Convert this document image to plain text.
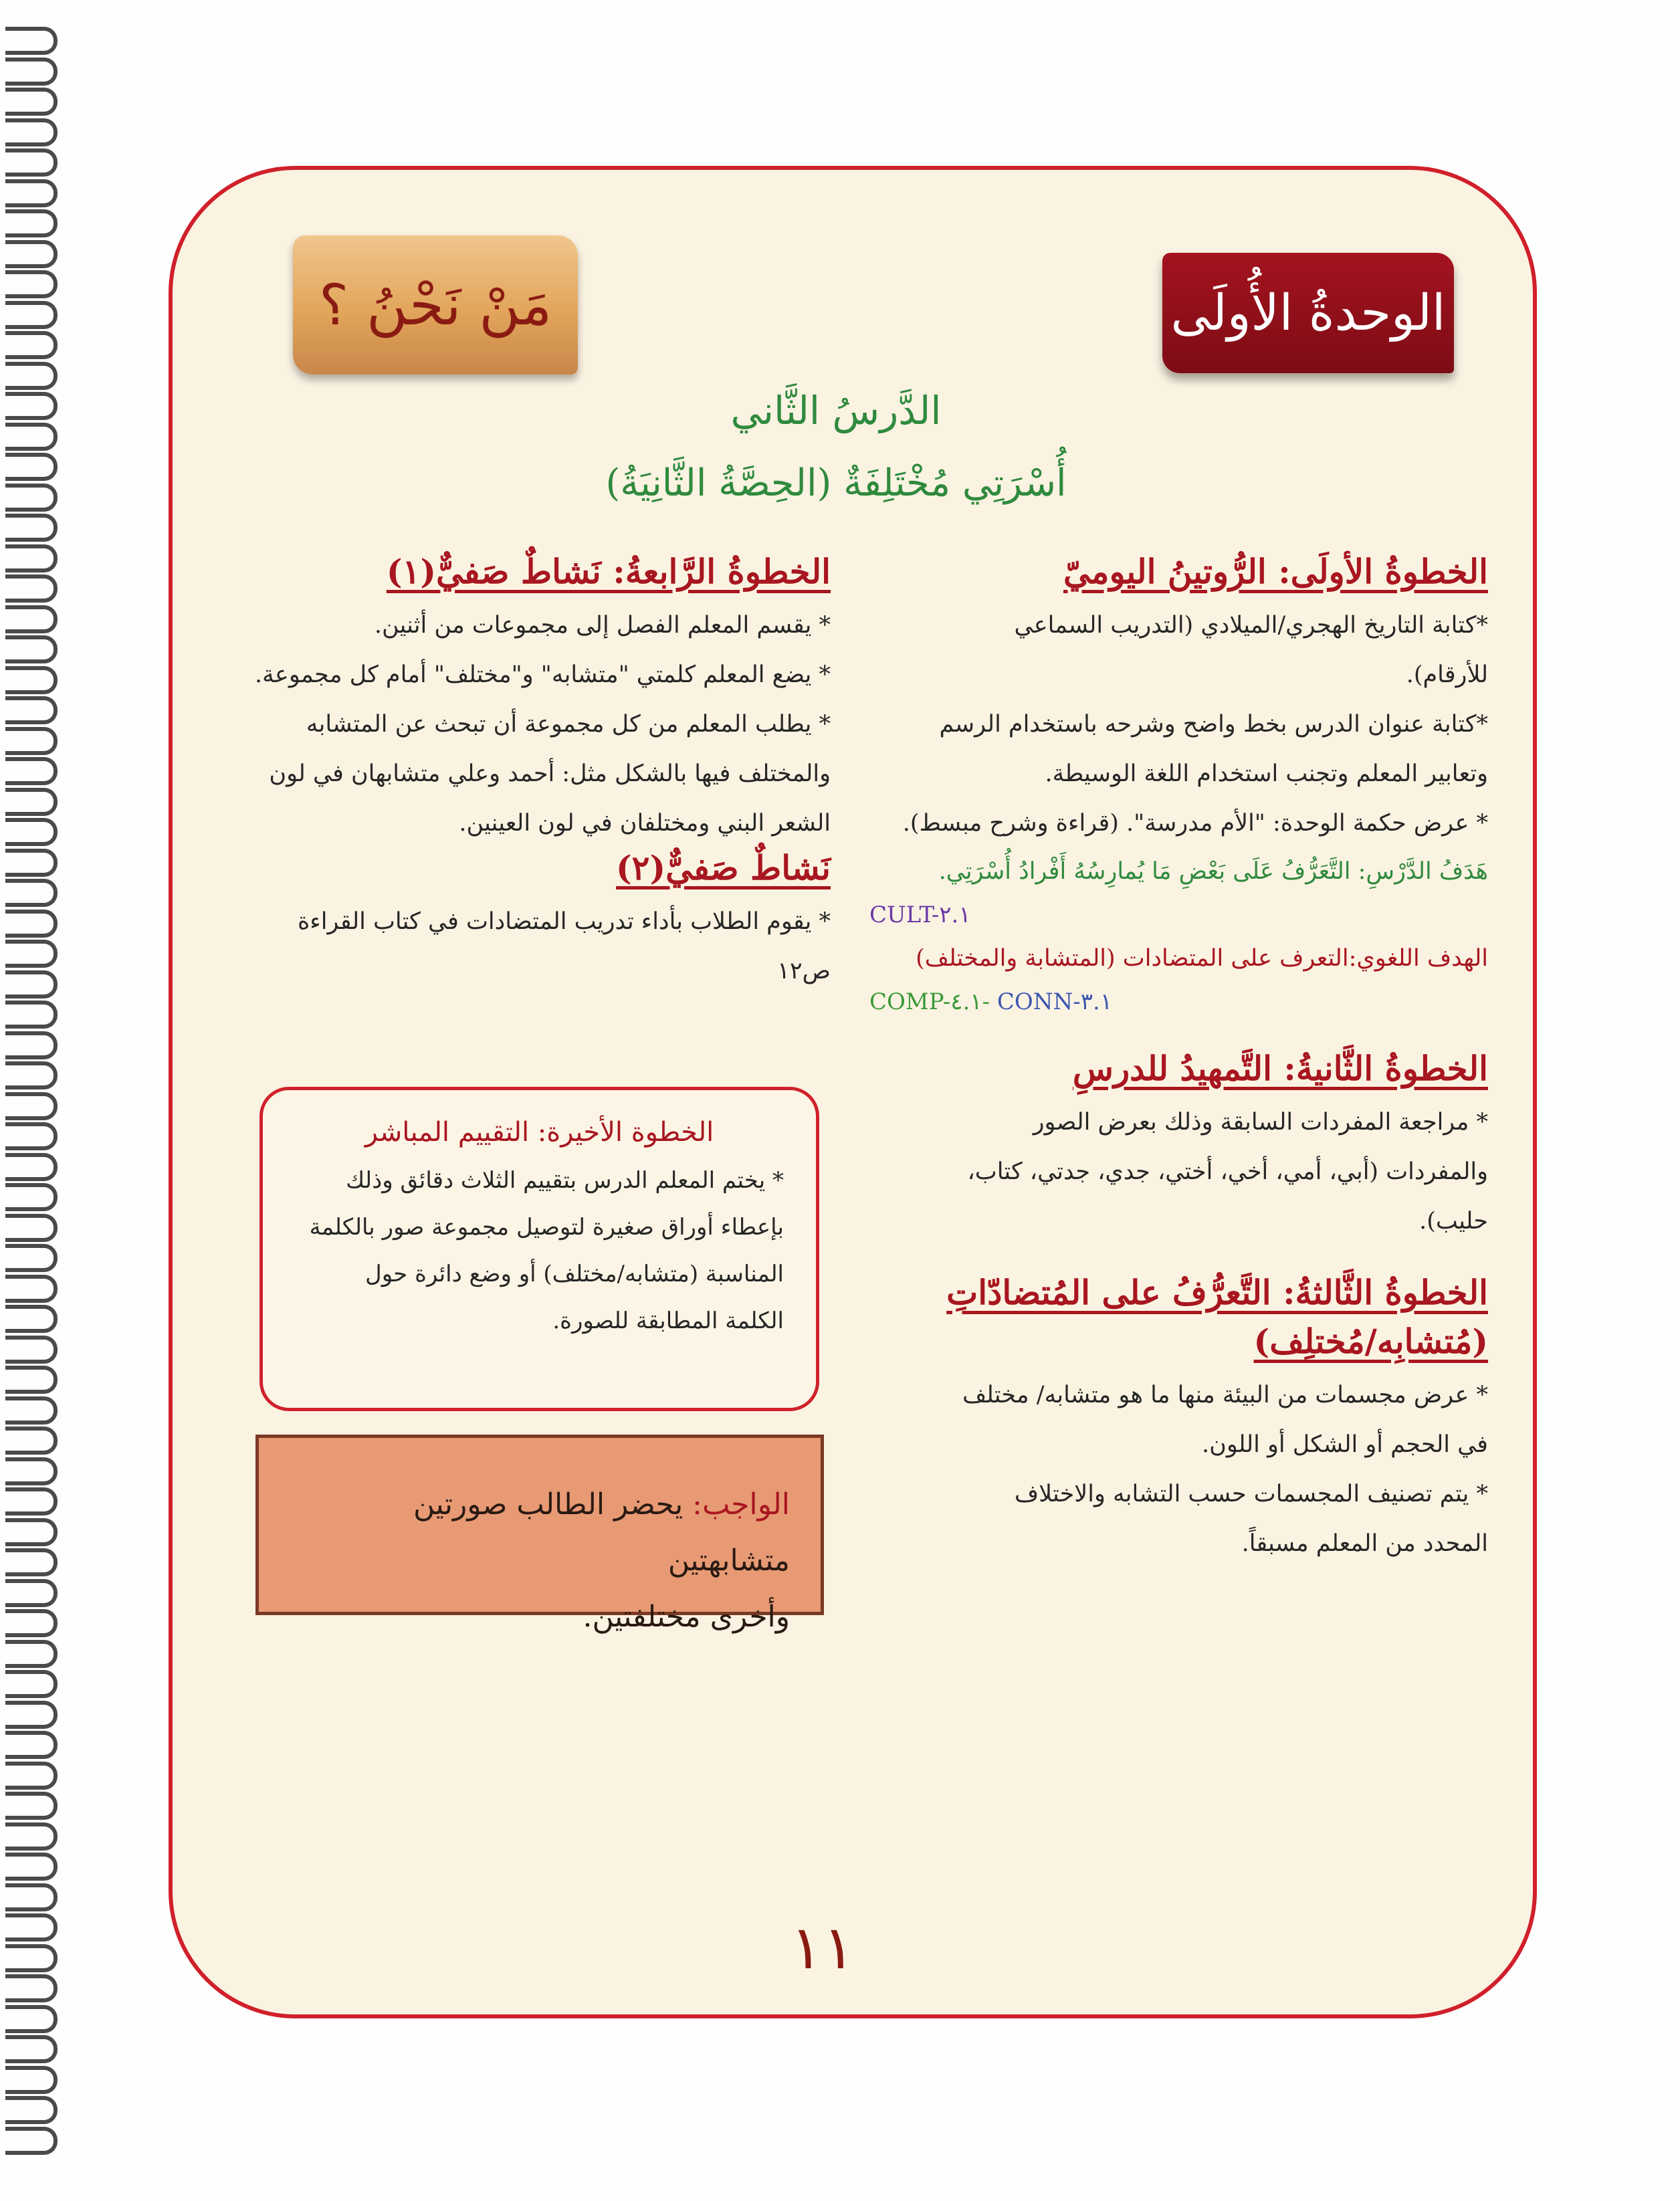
الوحدةُ الأُولَى
مَنْ نَحْنُ ؟
الدَّرسُ الثَّاني
أُسْرَتِي مُخْتَلِفَةٌ (الحِصَّةُ الثَّانِيَةُ)
الخطوةُ الأولَى: الرُّوتينُ اليوميّ

*كتابة التاريخ الهجري/الميلادي (التدريب السماعي

للأرقام).

*كتابة عنوان الدرس بخط واضح وشرحه باستخدام الرسم

وتعابير المعلم وتجنب استخدام اللغة الوسيطة.

* عرض حكمة الوحدة: "الأم مدرسة". (قراءة وشرح مبسط).

هَدَفُ الدَّرْسِ: التَّعَرُّفُ عَلَى بَعْضِ مَا يُمارِسُهُ أَفْرادُ أُسْرَتِي.

CULT-٢.١

الهدف اللغوي:التعرف على المتضادات (المتشابة والمختلف)

COMP-٤.١- CONN-٣.١

الخطوةُ الثَّانيةُ: التَّمهيدُ للدرسِ

* مراجعة المفردات السابقة وذلك بعرض الصور

والمفردات (أبي، أمي، أخي، أختي، جدي، جدتي، كتاب،

حليب).

الخطوةُ الثَّالثةُ: التَّعرُّفُ على المُتضادّاتِ
(مُتشابِه/مُختلِف)

* عرض مجسمات من البيئة منها ما هو متشابه/ مختلف

في الحجم أو الشكل أو اللون.

* يتم تصنيف المجسمات حسب التشابه والاختلاف

المحدد من المعلم مسبقاً.

الخطوةُ الرَّابعةُ: نَشاطٌ صَفيٌّ(١)

* يقسم المعلم الفصل إلى مجموعات من أثنين.

* يضع المعلم كلمتي "متشابه" و"مختلف" أمام كل مجموعة.

* يطلب المعلم من كل مجموعة أن تبحث عن المتشابه

والمختلف فيها بالشكل مثل: أحمد وعلي متشابهان في لون

الشعر البني ومختلفان في لون العينين.

نَشاطٌ صَفيٌّ(٢)

* يقوم الطلاب بأداء تدريب المتضادات في كتاب القراءة

ص١٢

الخطوة الأخيرة: التقييم المباشر

* يختم المعلم الدرس بتقييم الثلاث دقائق وذلك

بإعطاء أوراق صغيرة لتوصيل مجموعة صور بالكلمة

المناسبة (متشابه/مختلف) أو وضع دائرة حول

الكلمة المطابقة للصورة.

الواجب: يحضر الطالب صورتين متشابهتين

وأخرى مختلفتين.

١١
